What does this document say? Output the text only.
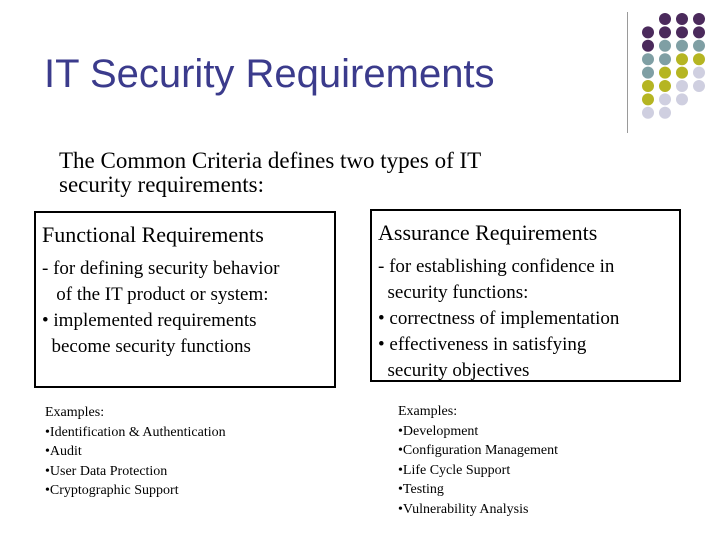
IT Security Requirements

The Common Criteria defines two types of IT
security requirements:

Functional Requirements

- for defining security behavior
of the IT product or system:
• implemented requirements
become security functions

Assurance Requirements

- for establishing confidence in
security functions:
• correctness of implementation
• effectiveness in satisfying
security objectives
Examples:
•Identification & Authentication
•Audit
•User Data Protection
•Cryptographic Support
Examples:
•Development
•Configuration Management
•Life Cycle Support
•Testing
•Vulnerability Analysis
